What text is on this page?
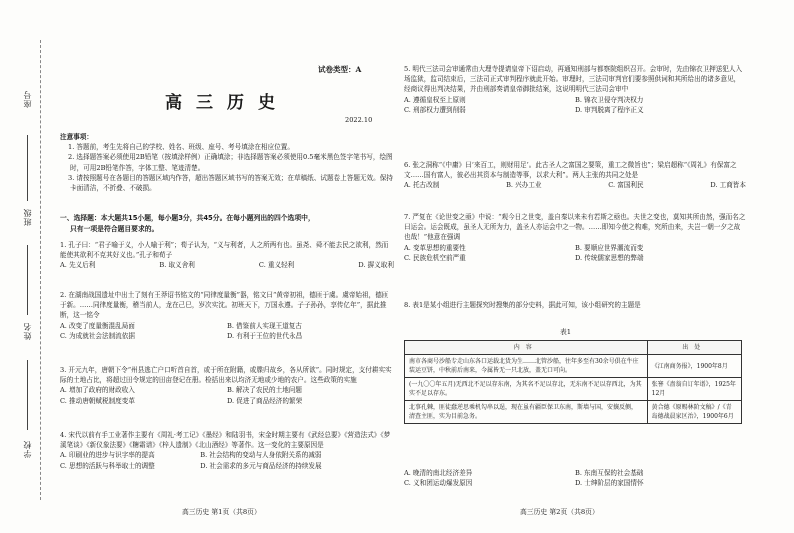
学校
姓名
班级
座号
试卷类型：A
高三历史
2022.10
注意事项：
1. 答题前，考生先将自己的学校、姓名、班级、座号、考号填涂在相应位置。
2. 选择题答案必须使用2B铅笔（按填涂样例）正确填涂；非选择题答案必须使用0.5毫米黑色签字笔书写，绘图时，可用2B铅笔作答，字体工整、笔迹清楚。
3. 请按照题号在各题目的答题区域内作答，超出答题区域书写的答案无效；在草稿纸、试题卷上答题无效。保持卡面清洁，不折叠、不破损。
一、选择题：本大题共15小题，每小题3分，共45分。在每小题列出的四个选项中，
只有一项是符合题目要求的。
1. 孔子曰：“君子喻于义，小人喻于利”；荀子认为，“义与利者，人之所两有也。虽尧、舜不能去民之欲利，然而能使其欲利不克其好义也。”孔子和荀子
A. 先义后利	B. 取义舍利	C. 重义轻利	D. 摒义取利
2. 在湖南战国遗址中出土了刻有王莽诏书铭文的“同律度量衡”器，铭文曰“黄帝初祖，德匝于虞。虞帝始祖，德匝于新。……同律度量衡，稽当前人，龙在己巳，岁次实沈。初班天下，万国永遵。子子孙孙，享传亿年”，据此推断，这一铭令
A. 改变了度量衡混乱局面	B. 借鉴前人实现王道复古
C. 为成就社会法制流依据	D. 有利于王位的世代永昌
3. 开元九年，唐朝下令“州县逃亡户口听首自首，或于所在附籍，或牒归故乡，各从所欲”。同时规定，支付耕实实际的土地占比，将超过田令规定的田亩登记在册。检括出来以均济无地或少地的农户。这些政策的实施
A. 增加了政府的财政收入	B. 解决了农民的土地问题
C. 推动唐朝赋税制度变革	D. 促进了商品经济的繁荣
4. 宋代以前有手工业著作主要有《周礼·考工记》《墨经》和陆羽书，宋金时期主要有《武经总要》《营造法式》《梦溪笔谈》《新仪象法要》《糖霜谱》《梓人遗制》《北山酒经》等著作。这一变化的主要原因是
A. 印刷业的进步与识字率的提高	B. 社会结构的变动与人身依附关系的减弱
C. 思想的活跃与科举取士的调整	D. 社会需求的多元与商品经济的持续发展
5. 明代三法司会审通常由大理寺提请皇帝下诏启动，再通知刑部与都察院组织召开。会审时，先由锦衣卫押送犯人入场监狱，监司结束后，三法司正式审判程序就此开始。审理时，三法司审判官们要参照供词和其所给出的诸多意见，经商议得出判决结果，并由刑部奏请皇帝御批结案，这说明明代三法司会审中
A. 遵循皇权至上原则	B. 锦衣卫侵夺判决权力
C. 刑部权力遭到削弱	D. 审判脱离了程序正义
6. 张之洞称“《中庸》曰‘来百工，则财用足’。此古圣人之富国之要策，重工之微旨也”；梁启超称“《周礼》有保富之文……国有富人，彼必出其资本与制造等事，以求大利”。两人主张的共同之处是
A. 托古改制	B. 兴办工业	C. 富国利民	D. 工商皆本
7. 严复在《论世变之亟》中说：“观今日之世变，盖自秦以来未有若斯之亟也。夫世之变也，莫知其所由然，强而名之曰运会。运会既成，虽圣人无所为力，盖圣人亦运会中之一物。……即知今使之构难，究所由来，夫岂一朝一夕之故也哉！”他意在强调
A. 变革思想的重要性	B. 要顺应世界潮流而变
C. 民族危机空前严重	D. 传统儒家思想的弊端
8. 表1是某小组进行主题探究时搜集的部分史料，据此可知，该小组研究的主题是
表1
内容	出处
南市各商号沙船专走山东各口运载北货为生……北管沙船，往年多至有30余号俱在牛庄装运豆饼，中秋前后南来，今属皆无一只北放，盖无口可向。	《江南商务报》，1900年8月
(一九〇〇年五月)无西北不足以存东南，为其名不足以存北，无东南不足以存西北，为其实不足以存东。	张謇《啬翁自订年谱》，1925年12月
北事孔棘，匪徒蠢逆思乘机勾串以逞，现在虽有疆臣保卫东南，斯墙与国，安攘反侧，清查主匪，实为目前急务。	黄合德《原赐林阶文稿》/《青岛德战晨家区治》，1900年6月
A. 晚清的南北经济差异	B. 东南互保的社会基础
C. 义和团运动爆发原因	D. 士绅阶层的家国情怀
高三历史 第1页（共8页）	高三历史 第2页（共8页）
